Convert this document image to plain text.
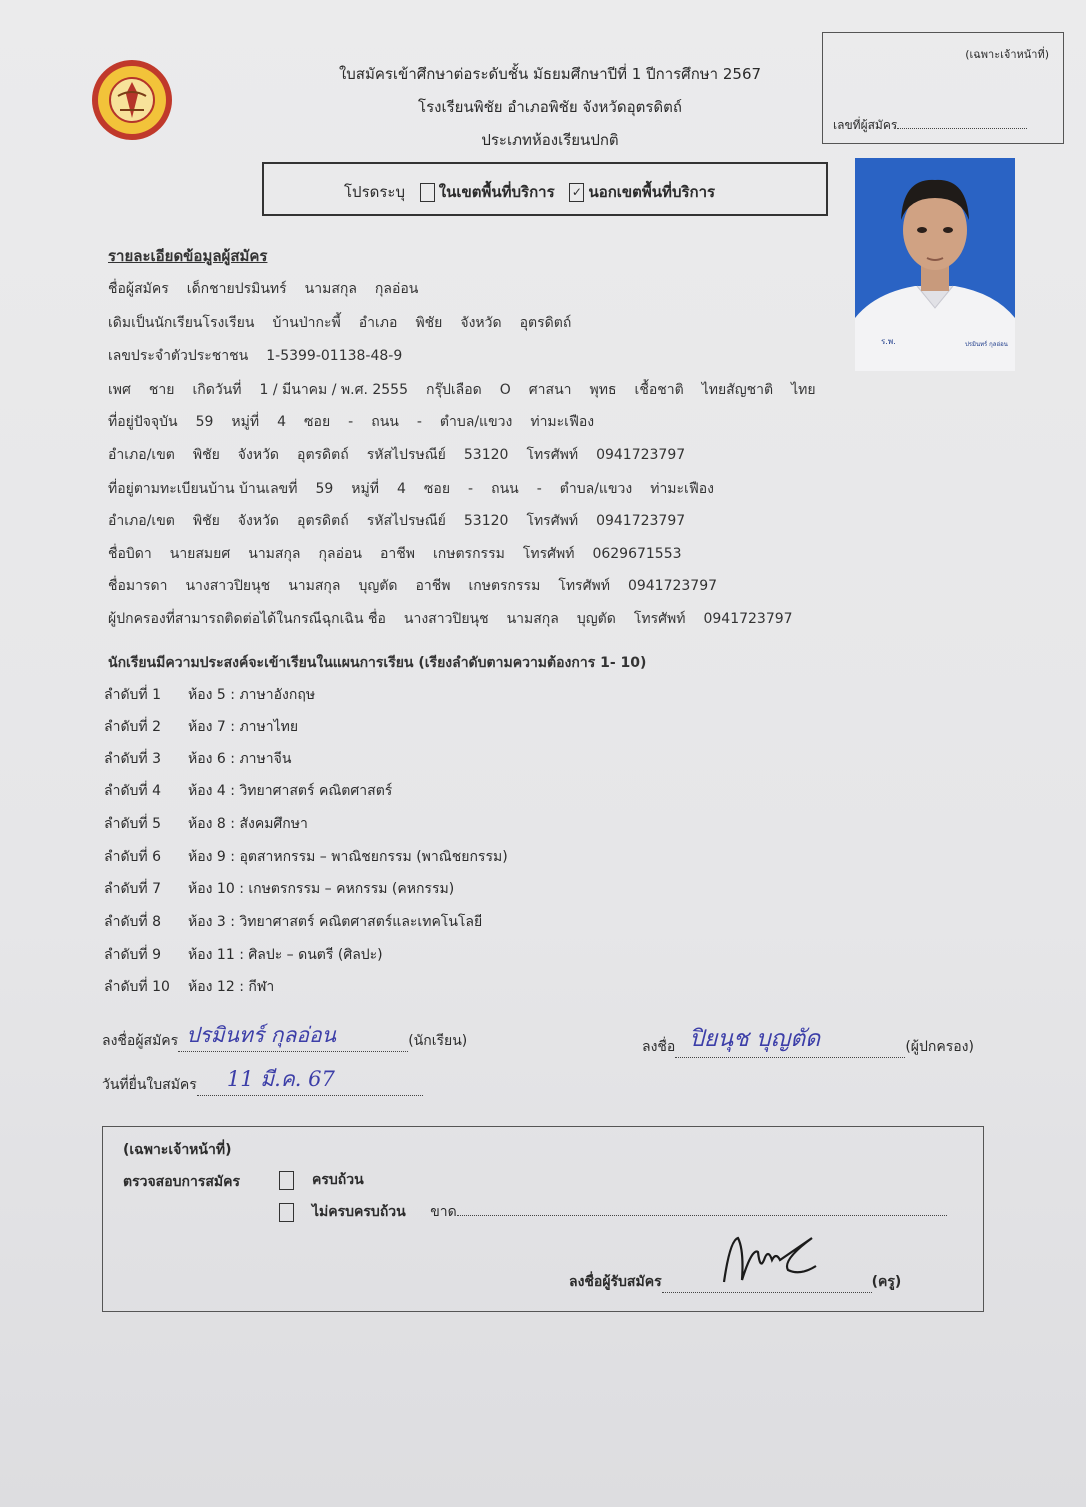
ใบสมัครเข้าศึกษาต่อระดับชั้น มัธยมศึกษาปีที่ 1 ปีการศึกษา 2567
โรงเรียนพิชัย อำเภอพิชัย จังหวัดอุตรดิตถ์
ประเภทห้องเรียนปกติ
(เฉพาะเจ้าหน้าที่)
เลขที่ผู้สมัคร
โปรดระบุ ในเขตพื้นที่บริการ ✓ นอกเขตพื้นที่บริการ
ร.พ.	ปรมินทร์ กุลอ่อน
รายละเอียดข้อมูลผู้สมัคร
ชื่อผู้สมัคร เด็กชายปรมินทร์ นามสกุล กุลอ่อน
เดิมเป็นนักเรียนโรงเรียน บ้านป่ากะพี้ อำเภอ พิชัย จังหวัด อุตรดิตถ์
เลขประจำตัวประชาชน 1-5399-01138-48-9
เพศ ชาย เกิดวันที่ 1 / มีนาคม / พ.ศ. 2555 กรุ๊ปเลือด O ศาสนา พุทธ เชื้อชาติ ไทยสัญชาติ ไทย
ที่อยู่ปัจจุบัน 59 หมู่ที่ 4 ซอย - ถนน - ตำบล/แขวง ท่ามะเฟือง
อำเภอ/เขต พิชัย จังหวัด อุตรดิตถ์ รหัสไปรษณีย์ 53120 โทรศัพท์ 0941723797
ที่อยู่ตามทะเบียนบ้าน บ้านเลขที่ 59 หมู่ที่ 4 ซอย - ถนน - ตำบล/แขวง ท่ามะเฟือง
อำเภอ/เขต พิชัย จังหวัด อุตรดิตถ์ รหัสไปรษณีย์ 53120 โทรศัพท์ 0941723797
ชื่อบิดา นายสมยศ นามสกุล กุลอ่อน อาชีพ เกษตรกรรม โทรศัพท์ 0629671553
ชื่อมารดา นางสาวปิยนุช นามสกุล บุญตัด อาชีพ เกษตรกรรม โทรศัพท์ 0941723797
ผู้ปกครองที่สามารถติดต่อได้ในกรณีฉุกเฉิน ชื่อ นางสาวปิยนุช นามสกุล บุญตัด โทรศัพท์ 0941723797
นักเรียนมีความประสงค์จะเข้าเรียนในแผนการเรียน (เรียงลำดับตามความต้องการ 1- 10)
ลำดับที่ 1 ห้อง 5 : ภาษาอังกฤษ
ลำดับที่ 2 ห้อง 7 : ภาษาไทย
ลำดับที่ 3 ห้อง 6 : ภาษาจีน
ลำดับที่ 4 ห้อง 4 : วิทยาศาสตร์ คณิตศาสตร์
ลำดับที่ 5 ห้อง 8 : สังคมศึกษา
ลำดับที่ 6 ห้อง 9 : อุตสาหกรรม – พาณิชยกรรม (พาณิชยกรรม)
ลำดับที่ 7 ห้อง 10 : เกษตรกรรม – คหกรรม (คหกรรม)
ลำดับที่ 8 ห้อง 3 : วิทยาศาสตร์ คณิตศาสตร์และเทคโนโลยี
ลำดับที่ 9 ห้อง 11 : ศิลปะ – ดนตรี (ศิลปะ)
ลำดับที่ 10 ห้อง 12 : กีฬา
ลงชื่อผู้สมัคร ปรมินทร์ กุลอ่อน	(นักเรียน)
วันที่ยื่นใบสมัคร 11 มี.ค. 67
ลงชื่อ ปิยนุช บุญตัด	(ผู้ปกครอง)
(เฉพาะเจ้าหน้าที่)
ตรวจสอบการสมัคร	ครบถ้วน
ไม่ครบครบถ้วน ขาด
ลงชื่อผู้รับสมัคร	(ครู)
